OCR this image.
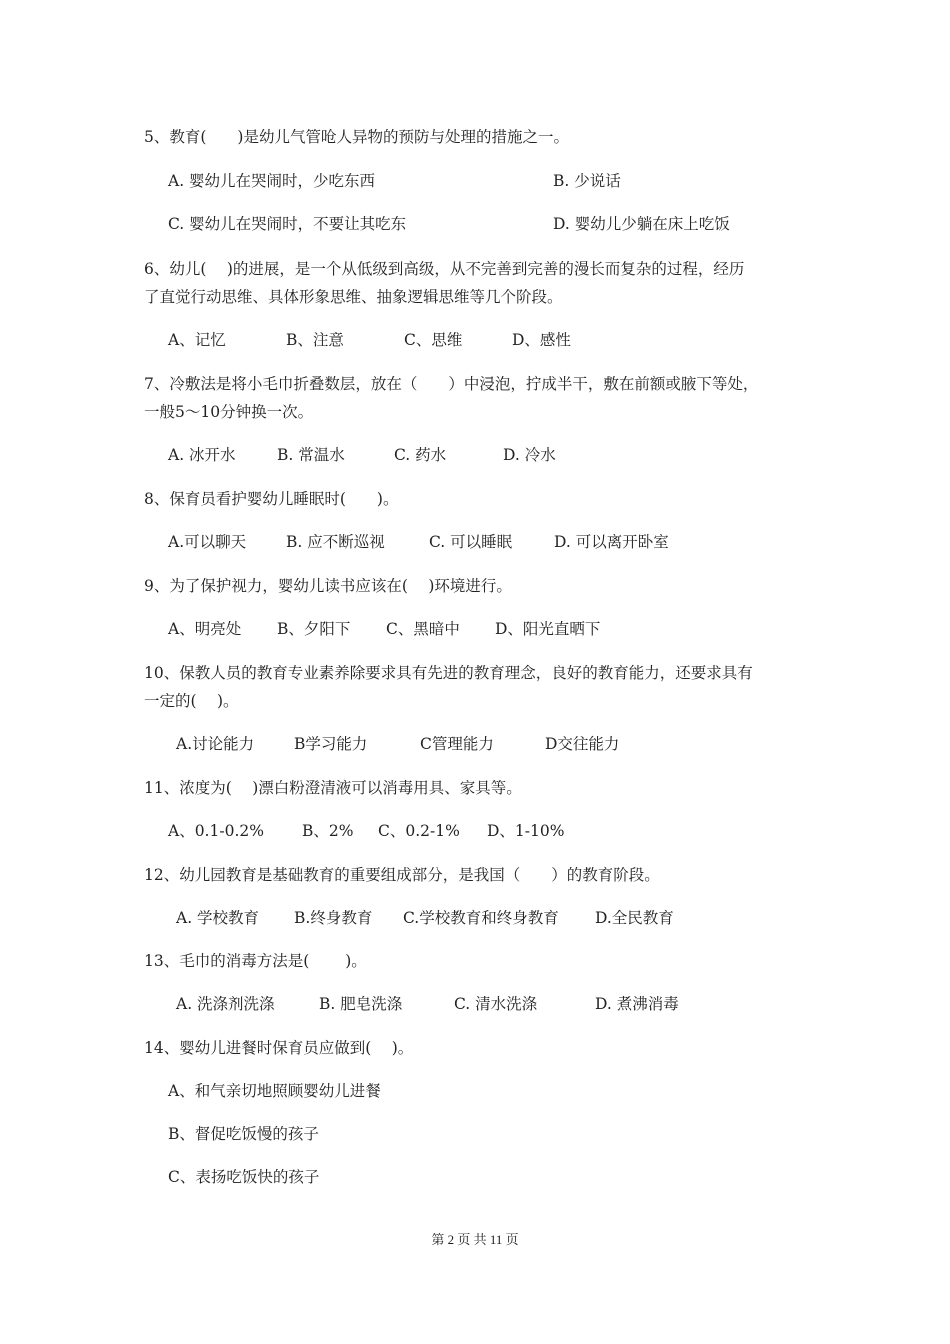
5、教育(　　)是幼儿气管呛人异物的预防与处理的措施之一。
A. 婴幼儿在哭闹时，少吃东西	B. 少说话
C. 婴幼儿在哭闹时，不要让其吃东	D. 婴幼儿少躺在床上吃饭
6、幼儿(　 )的进展，是一个从低级到高级，从不完善到完善的漫长而复杂的过程，经历
了直觉行动思维、具体形象思维、抽象逻辑思维等几个阶段。
A、记忆	B、注意	C、思维	D、感性
7、冷敷法是将小毛巾折叠数层，放在（　　）中浸泡，拧成半干，敷在前额或腋下等处，
一般5～10分钟换一次。
A. 冰开水	B. 常温水	C. 药水	D. 冷水
8、保育员看护婴幼儿睡眠时(　　)。
A.可以聊天	B. 应不断巡视	C. 可以睡眠	D. 可以离开卧室
9、为了保护视力，婴幼儿读书应该在(　 )环境进行。
A、明亮处 B、夕阳下 C、黑暗中 D、阳光直晒下
10、保教人员的教育专业素养除要求具有先进的教育理念，良好的教育能力，还要求具有
一定的(　 )。
A.讨论能力	B学习能力	C管理能力	D交往能力
11、浓度为(　 )漂白粉澄清液可以消毒用具、家具等。
A、0.1-0.2% B、2% C、0.2-1% D、1-10%
12、幼儿园教育是基础教育的重要组成部分，是我国（　　）的教育阶段。
A. 学校教育 B.终身教育 C.学校教育和终身教育 D.全民教育
13、毛巾的消毒方法是(　　 )。
A. 洗涤剂洗涤	B. 肥皂洗涤	C. 清水洗涤	D. 煮沸消毒
14、婴幼儿进餐时保育员应做到(　 )。
A、和气亲切地照顾婴幼儿进餐
B、督促吃饭慢的孩子
C、表扬吃饭快的孩子
第 2 页 共 11 页
